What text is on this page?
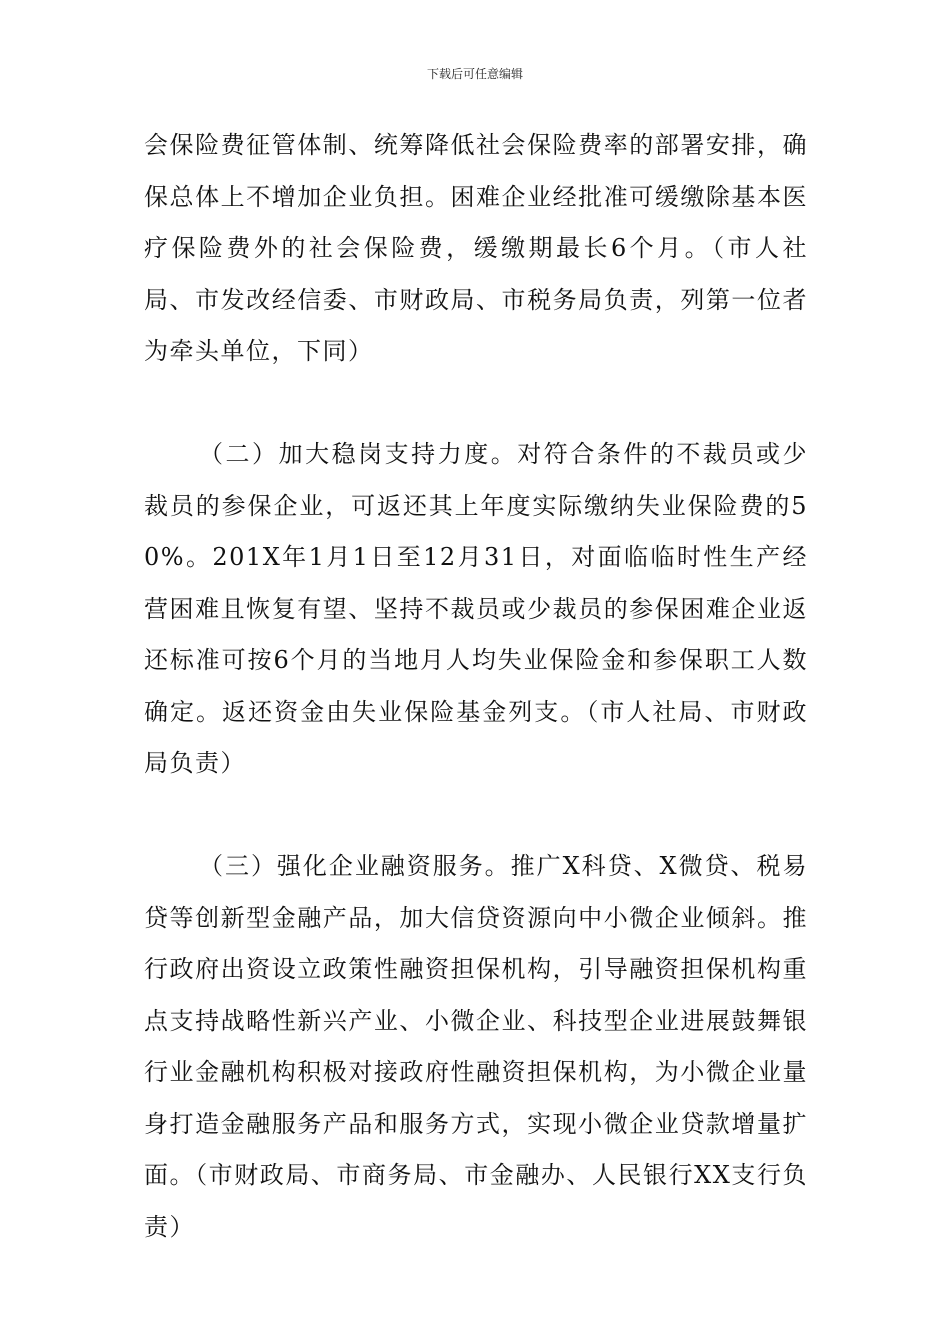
下载后可任意编辑

会保险费征管体制、统筹降低社会保险费率的部署安排，确保总体上不增加企业负担。困难企业经批准可缓缴除基本医疗保险费外的社会保险费，缓缴期最长6个月。（市人社局、市发改经信委、市财政局、市税务局负责，列第一位者为牵头单位，下同）

（二）加大稳岗支持力度。对符合条件的不裁员或少裁员的参保企业，可返还其上年度实际缴纳失业保险费的50%。201X年1月1日至12月31日，对面临临时性生产经营困难且恢复有望、坚持不裁员或少裁员的参保困难企业返还标准可按6个月的当地月人均失业保险金和参保职工人数确定。返还资金由失业保险基金列支。（市人社局、市财政局负责）

（三）强化企业融资服务。推广X科贷、X微贷、税易贷等创新型金融产品，加大信贷资源向中小微企业倾斜。推行政府出资设立政策性融资担保机构，引导融资担保机构重点支持战略性新兴产业、小微企业、科技型企业进展鼓舞银行业金融机构积极对接政府性融资担保机构，为小微企业量身打造金融服务产品和服务方式，实现小微企业贷款增量扩面。（市财政局、市商务局、市金融办、人民银行XX支行负责）
